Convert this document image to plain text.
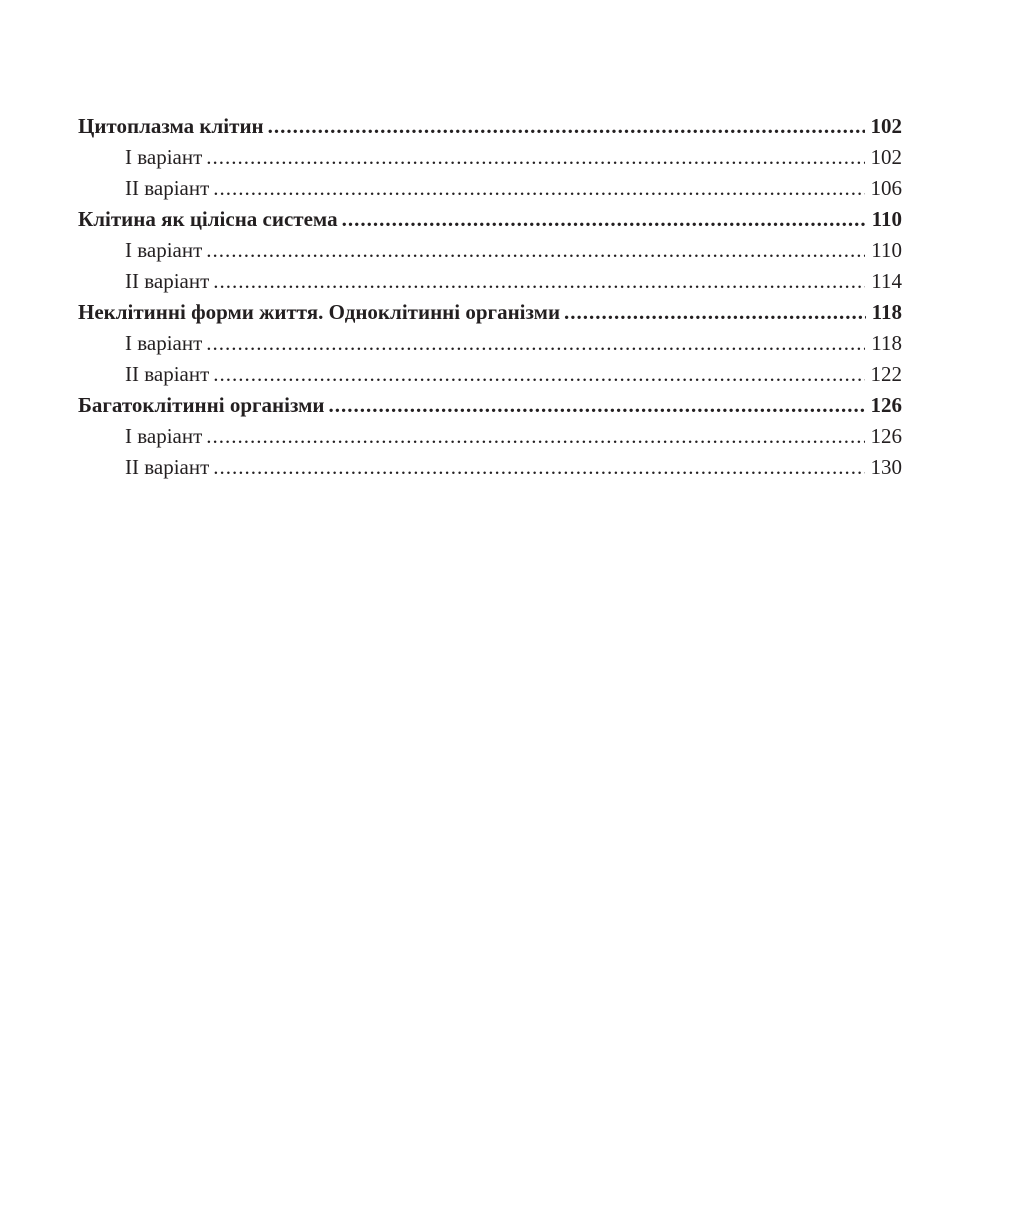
Цитоплазма клітин .....	102
I варіант .....	102
II варіант .....	106
Клітина як цілісна система .....	110
I варіант .....	110
II варіант .....	114
Неклітинні форми життя. Одноклітинні організми .....	118
I варіант .....	118
II варіант .....	122
Багатоклітинні організми .....	126
I варіант .....	126
II варіант .....	130
